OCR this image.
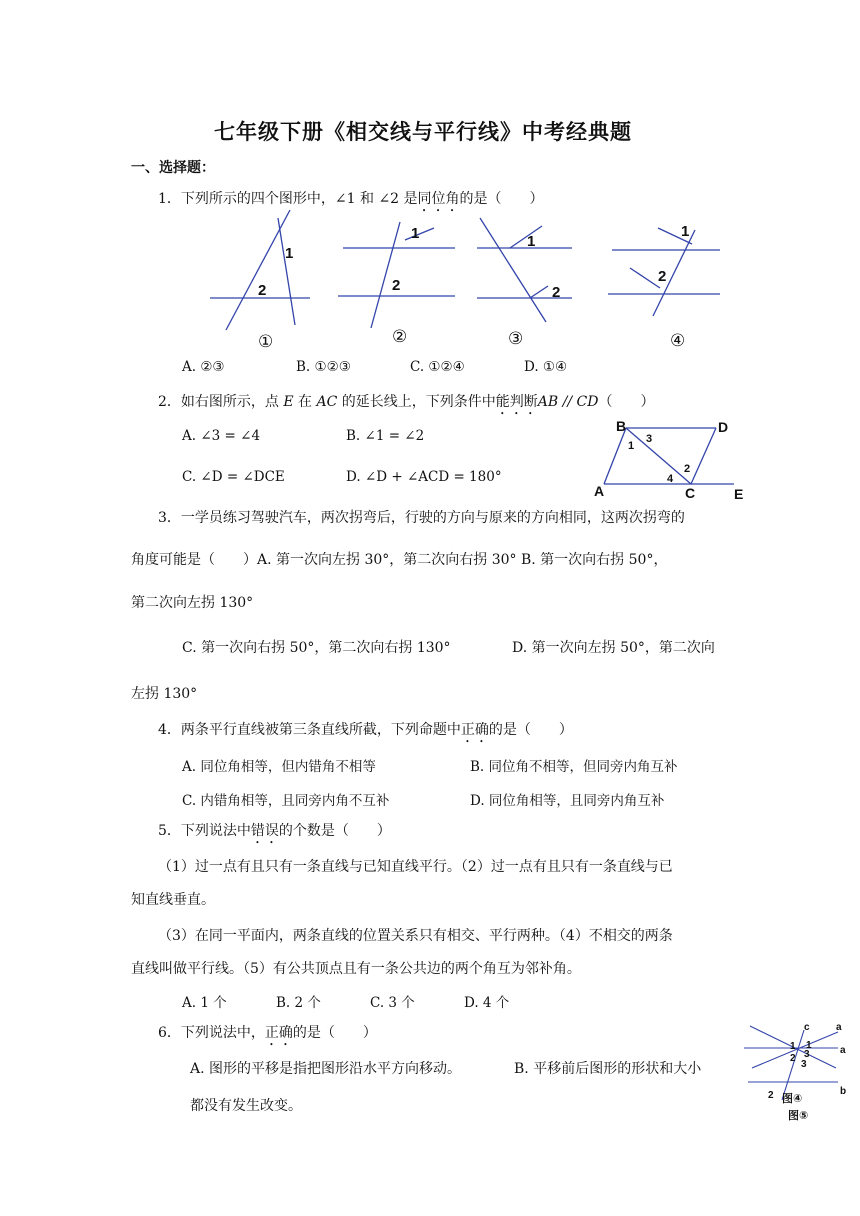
七年级下册《相交线与平行线》中考经典题
一、选择题：
1．下列所示的四个图形中，∠1 和 ∠2 是同位角的是（　　）
1
2
1
2
1
2
1
2
①	②	③	④
A. ②③	B. ①②③	C. ①②④	D. ①④
2．如右图所示，点 E 在 AC 的延长线上，下列条件中能判断AB // CD（　　）
A. ∠3 = ∠4	B. ∠1 = ∠2
C. ∠D = ∠DCE	D. ∠D + ∠ACD = 180°
B	D
A	C	E
1
3
2
4
3．一学员练习驾驶汽车，两次拐弯后，行驶的方向与原来的方向相同，这两次拐弯的
角度可能是（　　）A. 第一次向左拐 30°，第二次向右拐 30° B. 第一次向右拐 50°，
第二次向左拐 130°
C. 第一次向右拐 50°，第二次向右拐 130°	D. 第一次向左拐 50°，第二次向
左拐 130°
4．两条平行直线被第三条直线所截，下列命题中正确的是（　　）
A. 同位角相等，但内错角不相等	B. 同位角不相等，但同旁内角互补
C. 内错角相等，且同旁内角不互补	D. 同位角相等，且同旁内角互补
5．下列说法中错误的个数是（　　）
（1）过一点有且只有一条直线与已知直线平行。（2）过一点有且只有一条直线与已
知直线垂直。
（3）在同一平面内，两条直线的位置关系只有相交、平行两种。（4）不相交的两条
直线叫做平行线。（5）有公共顶点且有一条公共边的两个角互为邻补角。
A. 1 个	B. 2 个	C. 3 个	D. 4 个
6．下列说法中，正确的是（　　）
A. 图形的平移是指把图形沿水平方向移动。	B. 平移前后图形的形状和大小
都没有发生改变。
c	a
a
b
1 1
2 3
3
2 图④
图⑤
